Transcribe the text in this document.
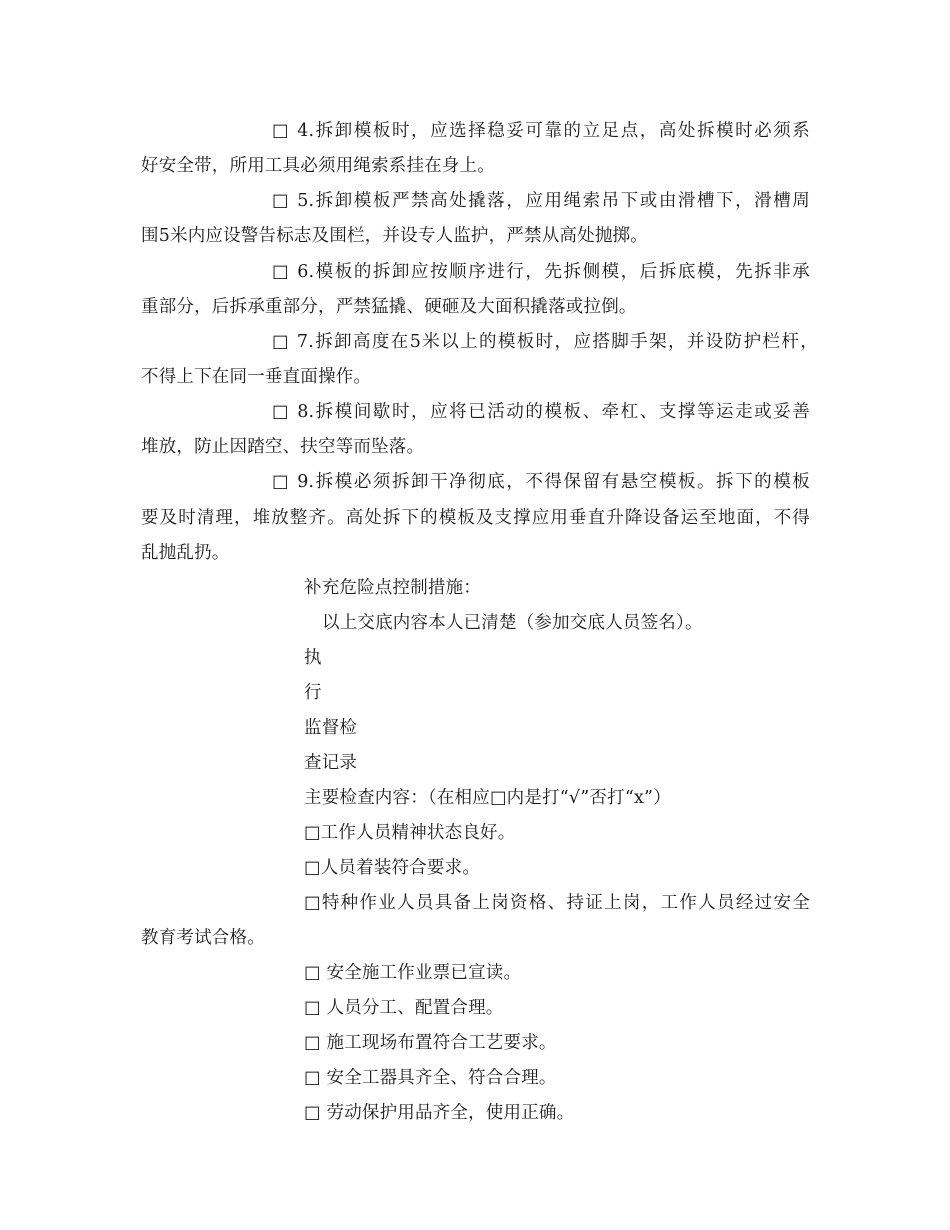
□ 4.拆卸模板时，应选择稳妥可靠的立足点，高处拆模时必须系
好安全带，所用工具必须用绳索系挂在身上。
□ 5.拆卸模板严禁高处撬落，应用绳索吊下或由滑槽下，滑槽周
围5米内应设警告标志及围栏，并设专人监护，严禁从高处抛掷。
□ 6.模板的拆卸应按顺序进行，先拆侧模，后拆底模，先拆非承
重部分，后拆承重部分，严禁猛撬、硬砸及大面积撬落或拉倒。
□ 7.拆卸高度在5米以上的模板时，应搭脚手架，并设防护栏杆，
不得上下在同一垂直面操作。
□ 8.拆模间歇时，应将已活动的模板、牵杠、支撑等运走或妥善
堆放，防止因踏空、扶空等而坠落。
□ 9.拆模必须拆卸干净彻底，不得保留有悬空模板。拆下的模板
要及时清理，堆放整齐。高处拆下的模板及支撑应用垂直升降设备运至地面，不得
乱抛乱扔。
补充危险点控制措施：
以上交底内容本人已清楚（参加交底人员签名）。
执
行
监督检
查记录
主要检查内容：（在相应□内是打“√”否打“x”）
□工作人员精神状态良好。
□人员着装符合要求。
□特种作业人员具备上岗资格、持证上岗，工作人员经过安全
教育考试合格。
□ 安全施工作业票已宣读。
□ 人员分工、配置合理。
□ 施工现场布置符合工艺要求。
□ 安全工器具齐全、符合合理。
□ 劳动保护用品齐全，使用正确。
